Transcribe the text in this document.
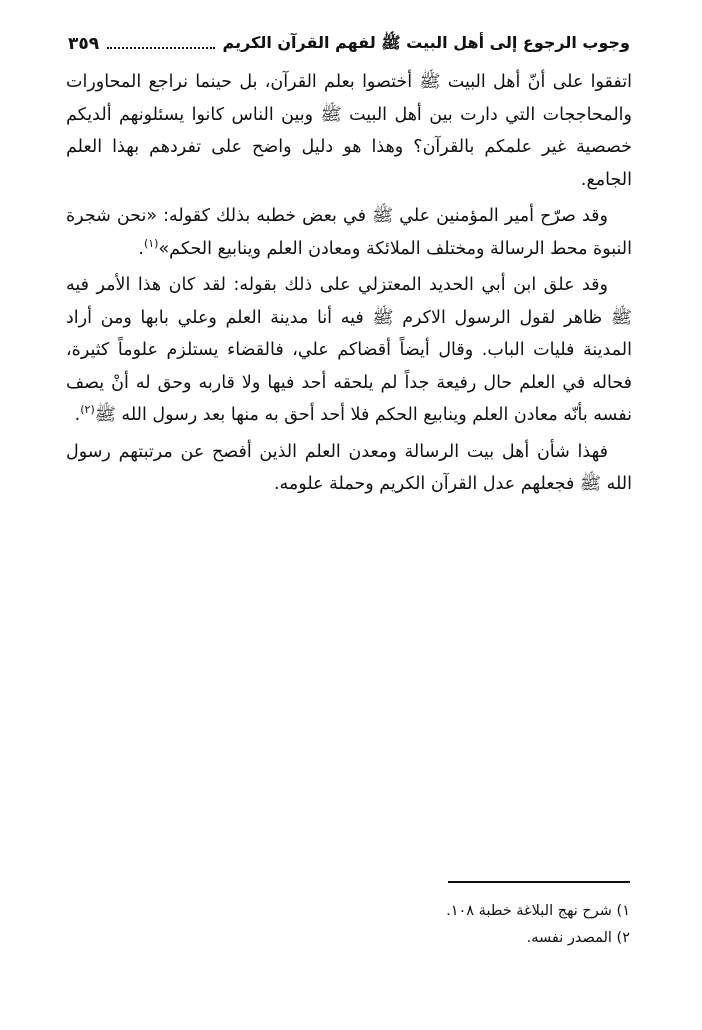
وجوب الرجوع إلى أهل البيت ﷺ لفهم القرآن الكريم
٣٥٩

اتفقوا على أنّ أهل البيت ﷺ أختصوا بعلم القرآن، بل حينما نراجع المحاورات والمحاججات التي دارت بين أهل البيت ﷺ وبين الناس كانوا يسئلونهم ألديكم خصصية غير علمكم بالقرآن؟ وهذا هو دليل واضح على تفردهم بهذا العلم الجامع.

وقد صرّح أمير المؤمنين علي ﷺ في بعض خطبه بذلك كقوله: «نحن شجرة النبوة محط الرسالة ومختلف الملائكة ومعادن العلم وينابيع الحكم»$^{(١)}$.

وقد علق ابن أبي الحديد المعتزلي على ذلك بقوله: لقد كان هذا الأمر فيه ﷺ ظاهر لقول الرسول الاكرم ﷺ فيه أنا مدينة العلم وعلي بابها ومن أراد المدينة فليات الباب. وقال أيضاً أقضاكم علي، فالقضاء يستلزم علوماً كثيرة، فحاله في العلم حال رفيعة جداً لم يلحقه أحد فيها ولا قاربه وحق له أنْ يصف نفسه بأنّه معادن العلم وينابيع الحكم فلا أحد أحق به منها بعد رسول الله ﷺ$^{(٢)}$.

فهذا شأن أهل بيت الرسالة ومعدن العلم الذين أفصح عن مرتبتهم رسول الله ﷺ فجعلهم عدل القرآن الكريم وحملة علومه.

١) شرح نهج البلاغة خطبة ١٠٨.
٢) المصدر نفسه.
